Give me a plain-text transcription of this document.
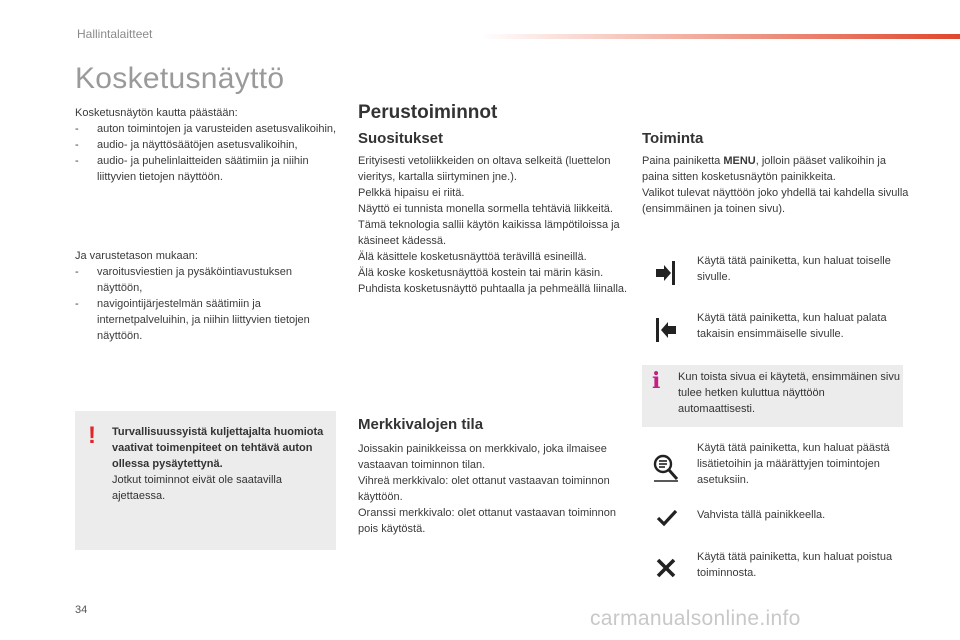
Hallintalaitteet
Kosketusnäyttö
Kosketusnäytön kautta päästään:
- auton toimintojen ja varusteiden asetusvalikoihin,
- audio- ja näyttösäätöjen asetusvalikoihin,
- audio- ja puhelinlaitteiden säätimiin ja niihin liittyvien tietojen näyttöön.
Ja varustetason mukaan:
- varoitusviestien ja pysäköintiavustuksen näyttöön,
- navigointijärjestelmän säätimiin ja internetpalveluihin, ja niihin liittyvien tietojen näyttöön.
! Turvallisuussyistä kuljettajalta huomiota vaativat toimenpiteet on tehtävä auton ollessa pysäytettynä.
Jotkut toiminnot eivät ole saatavilla ajettaessa.
Perustoiminnot
Suositukset
Erityisesti vetoliikkeiden on oltava selkeitä (luettelon vieritys, kartalla siirtyminen jne.).
Pelkkä hipaisu ei riitä.
Näyttö ei tunnista monella sormella tehtäviä liikkeitä.
Tämä teknologia sallii käytön kaikissa lämpötiloissa ja käsineet kädessä.
Älä käsittele kosketusnäyttöä terävillä esineillä.
Älä koske kosketusnäyttöä kostein tai märin käsin.
Puhdista kosketusnäyttö puhtaalla ja pehmeällä liinalla.
Merkkivalojen tila
Joissakin painikkeissa on merkkivalo, joka ilmaisee vastaavan toiminnon tilan.
Vihreä merkkivalo: olet ottanut vastaavan toiminnon käyttöön.
Oranssi merkkivalo: olet ottanut vastaavan toiminnon pois käytöstä.
Toiminta
Paina painiketta MENU, jolloin pääset valikoihin ja paina sitten kosketusnäytön painikkeita.
Valikot tulevat näyttöön joko yhdellä tai kahdella sivulla (ensimmäinen ja toinen sivu).
Käytä tätä painiketta, kun haluat toiselle sivulle.
Käytä tätä painiketta, kun haluat palata takaisin ensimmäiselle sivulle.
i Kun toista sivua ei käytetä, ensimmäinen sivu tulee hetken kuluttua näyttöön automaattisesti.
Käytä tätä painiketta, kun haluat päästä lisätietoihin ja määrättyjen toimintojen asetuksiin.
Vahvista tällä painikkeella.
Käytä tätä painiketta, kun haluat poistua toiminnosta.
34	carmanualsonline.info
